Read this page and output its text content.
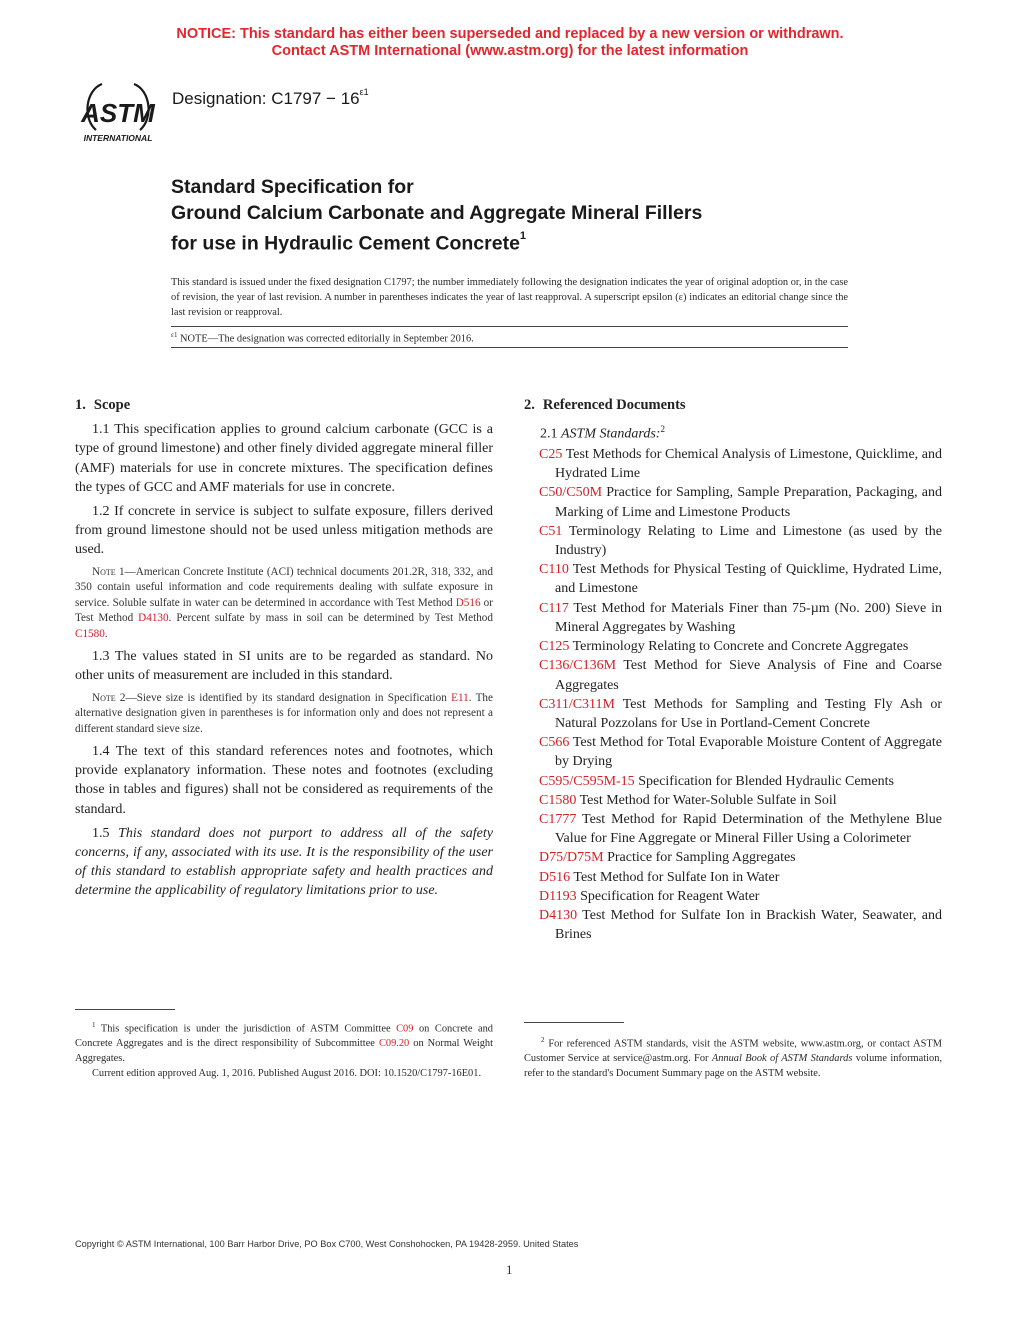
NOTICE: This standard has either been superseded and replaced by a new version or withdrawn.
Contact ASTM International (www.astm.org) for the latest information
ASTM
INTERNATIONAL
Designation: $C1797 - 16^{\varepsilon 1}$
Standard Specification for
Ground Calcium Carbonate and Aggregate Mineral Fillers
for use in Hydraulic Cement Concrete$^1$
This standard is issued under the fixed designation C1797; the number immediately following the designation indicates the year of original adoption or, in the case of revision, the year of last revision. A number in parentheses indicates the year of last reapproval. A superscript epsilon (ε) indicates an editorial change since the last revision or reapproval.
$^{\varepsilon 1}$ NOTE—The designation was corrected editorially in September 2016.
1. Scope

1.1 This specification applies to ground calcium carbonate (GCC is a type of ground limestone) and other finely divided aggregate mineral filler (AMF) materials for use in concrete mixtures. The specification defines the types of GCC and AMF materials for use in concrete.

1.2 If concrete in service is subject to sulfate exposure, fillers derived from ground limestone should not be used unless mitigation methods are used.

Note 1—American Concrete Institute (ACI) technical documents 201.2R, 318, 332, and 350 contain useful information and code requirements dealing with sulfate exposure in service. Soluble sulfate in water can be determined in accordance with Test Method D516 or Test Method D4130. Percent sulfate by mass in soil can be determined by Test Method C1580.

1.3 The values stated in SI units are to be regarded as standard. No other units of measurement are included in this standard.

Note 2—Sieve size is identified by its standard designation in Specification E11. The alternative designation given in parentheses is for information only and does not represent a different standard sieve size.

1.4 The text of this standard references notes and footnotes, which provide explanatory information. These notes and footnotes (excluding those in tables and figures) shall not be considered as requirements of the standard.

1.5 This standard does not purport to address all of the safety concerns, if any, associated with its use. It is the responsibility of the user of this standard to establish appropriate safety and health practices and determine the applicability of regulatory limitations prior to use.

2. Referenced Documents

2.1 ASTM Standards:$^2$

C25 Test Methods for Chemical Analysis of Limestone, Quicklime, and Hydrated Lime

C50/C50M Practice for Sampling, Sample Preparation, Packaging, and Marking of Lime and Limestone Products

C51 Terminology Relating to Lime and Limestone (as used by the Industry)

C110 Test Methods for Physical Testing of Quicklime, Hydrated Lime, and Limestone

C117 Test Method for Materials Finer than 75-µm (No. 200) Sieve in Mineral Aggregates by Washing

C125 Terminology Relating to Concrete and Concrete Aggregates

C136/C136M Test Method for Sieve Analysis of Fine and Coarse Aggregates

C311/C311M Test Methods for Sampling and Testing Fly Ash or Natural Pozzolans for Use in Portland-Cement Concrete

C566 Test Method for Total Evaporable Moisture Content of Aggregate by Drying

C595/C595M-15 Specification for Blended Hydraulic Cements

C1580 Test Method for Water-Soluble Sulfate in Soil

C1777 Test Method for Rapid Determination of the Methylene Blue Value for Fine Aggregate or Mineral Filler Using a Colorimeter

D75/D75M Practice for Sampling Aggregates

D516 Test Method for Sulfate Ion in Water

D1193 Specification for Reagent Water

D4130 Test Method for Sulfate Ion in Brackish Water, Seawater, and Brines

$^1$ This specification is under the jurisdiction of ASTM Committee C09 on Concrete and Concrete Aggregates and is the direct responsibility of Subcommittee C09.20 on Normal Weight Aggregates.

Current edition approved Aug. 1, 2016. Published August 2016. DOI: 10.1520/C1797-16E01.

$^2$ For referenced ASTM standards, visit the ASTM website, www.astm.org, or contact ASTM Customer Service at service@astm.org. For Annual Book of ASTM Standards volume information, refer to the standard's Document Summary page on the ASTM website.

Copyright © ASTM International, 100 Barr Harbor Drive, PO Box C700, West Conshohocken, PA 19428-2959. United States
1
